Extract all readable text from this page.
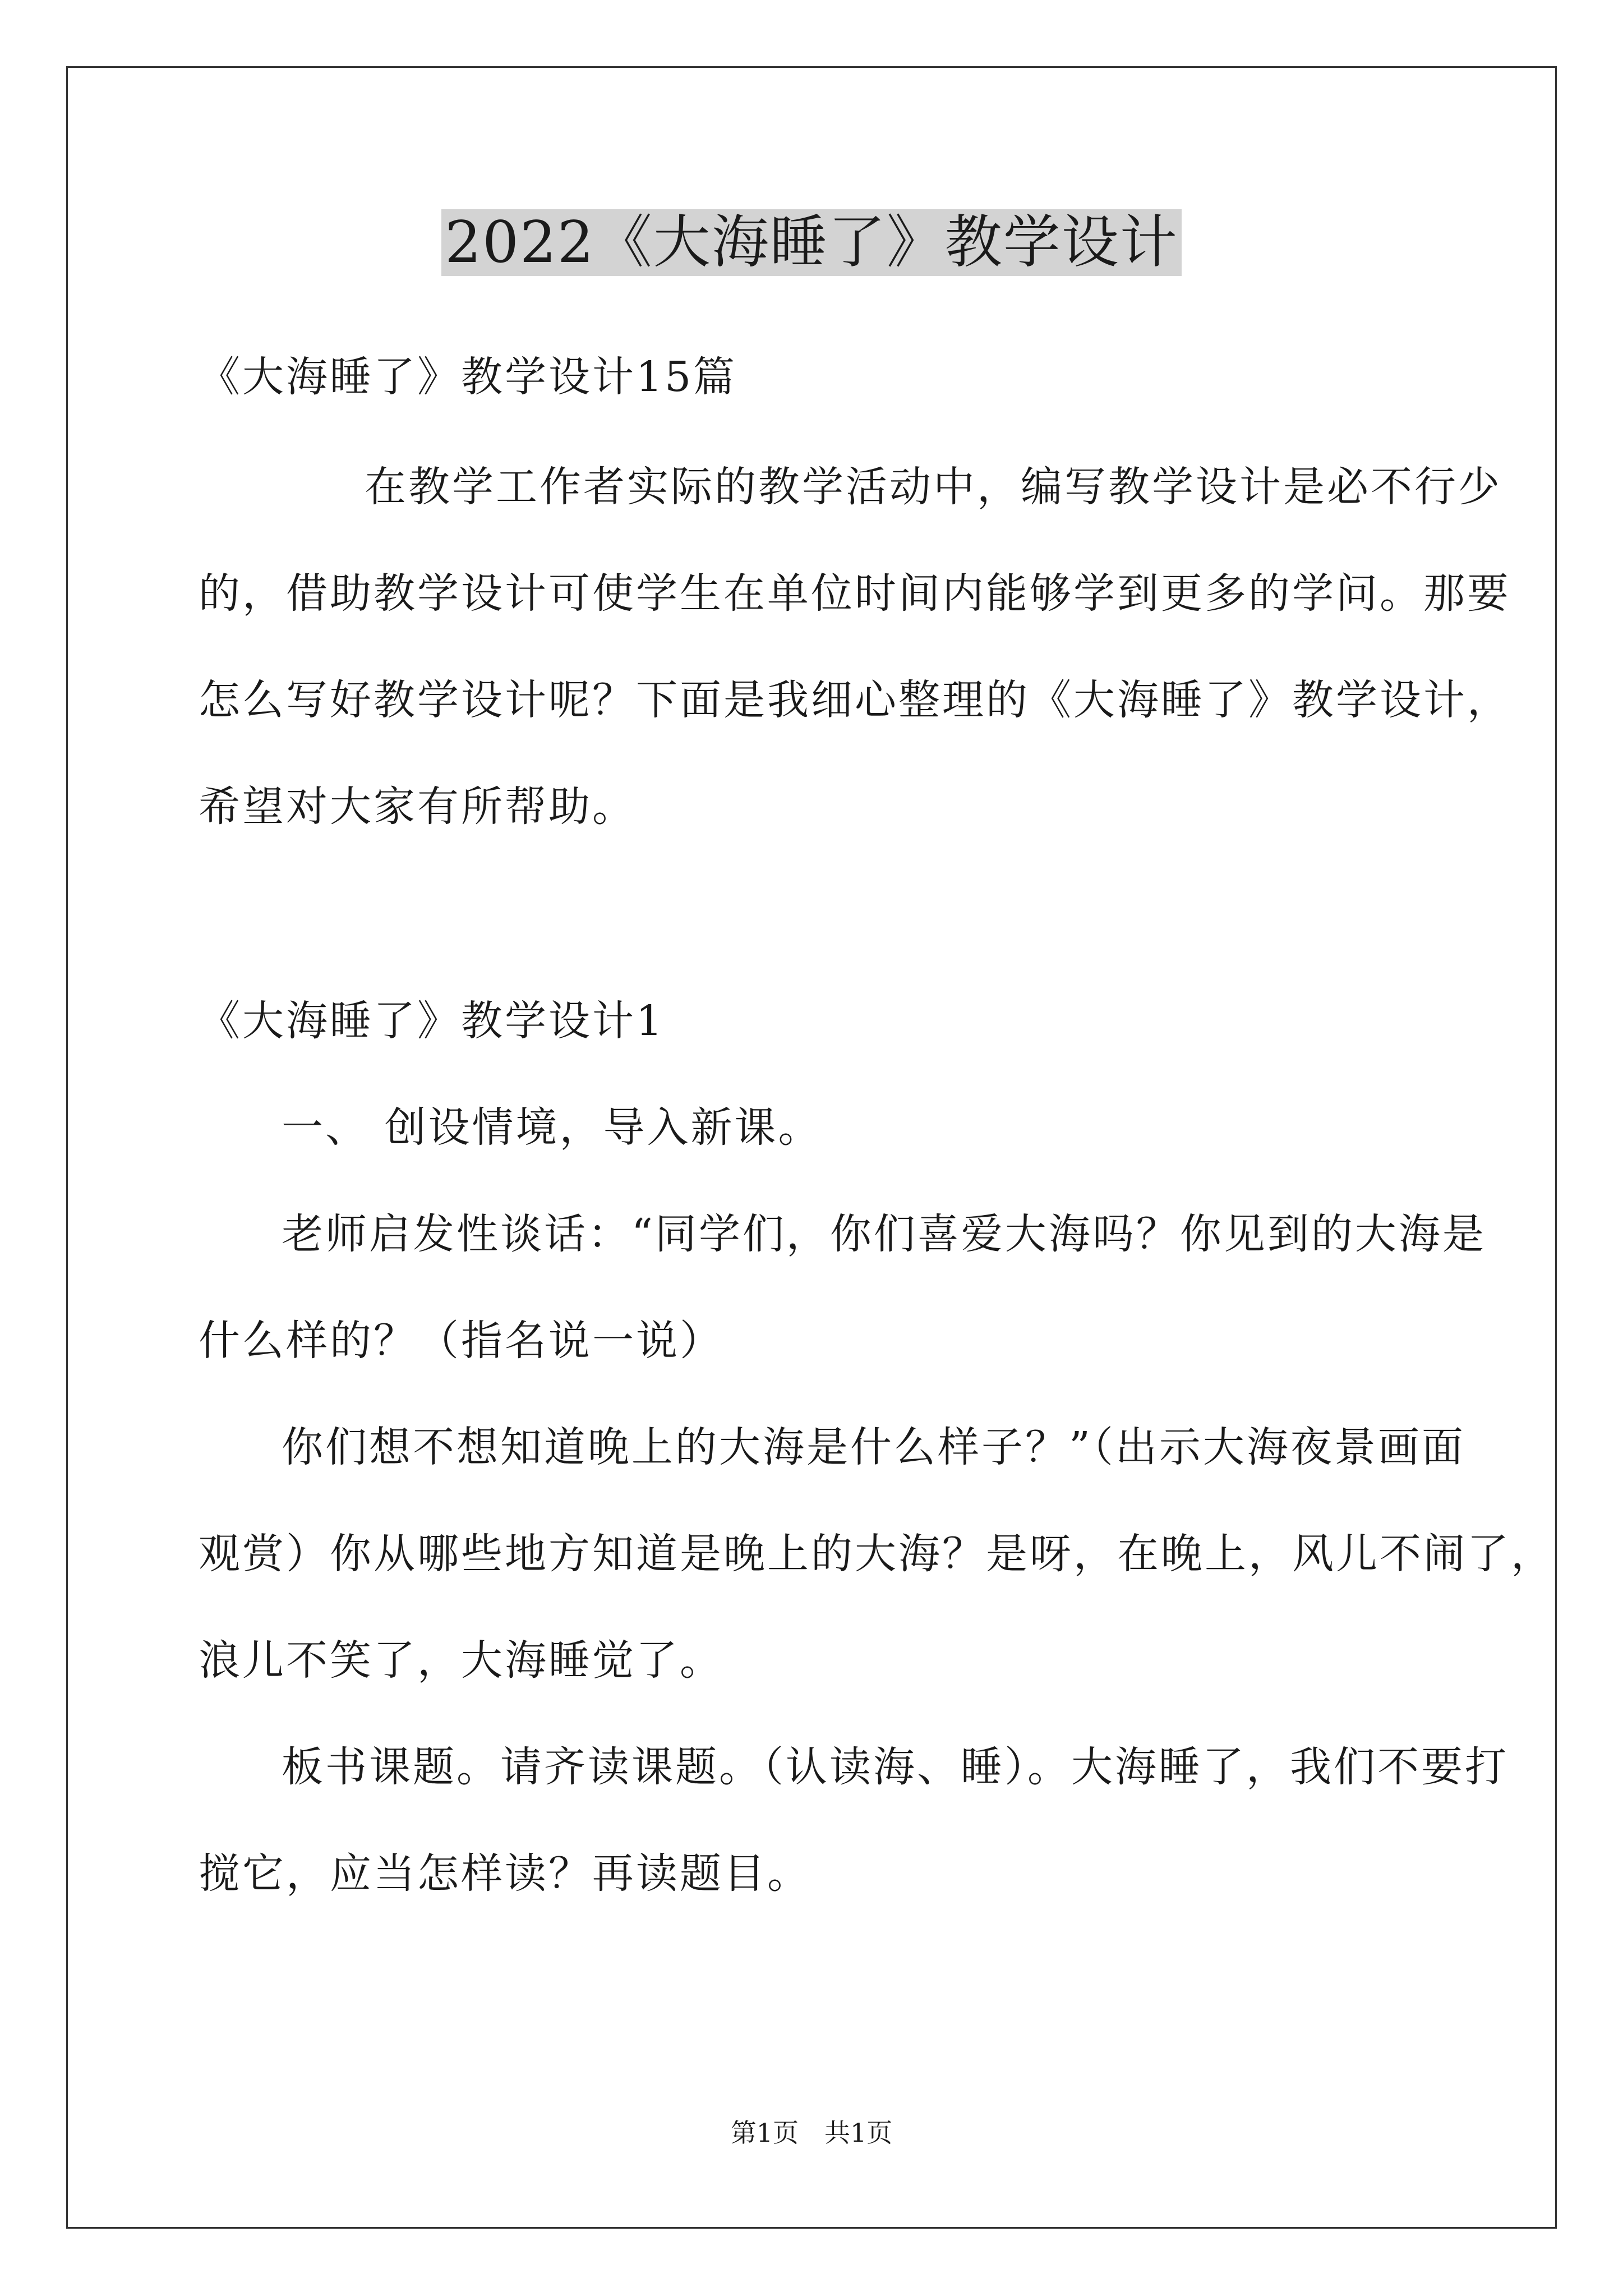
2022《大海睡了》教学设计
《大海睡了》教学设计15篇
在教学工作者实际的教学活动中，编写教学设计是必不行少
的，借助教学设计可使学生在单位时间内能够学到更多的学问。那要
怎么写好教学设计呢？下面是我细心整理的《大海睡了》教学设计，
希望对大家有所帮助。
《大海睡了》教学设计1
一、 创设情境，导入新课。
老师启发性谈话：“同学们，你们喜爱大海吗？你见到的大海是
什么样的？（指名说一说）
你们想不想知道晚上的大海是什么样子？”（出示大海夜景画面
观赏）你从哪些地方知道是晚上的大海？是呀，在晚上，风儿不闹了，
浪儿不笑了，大海睡觉了。
板书课题。请齐读课题。（认读海、睡）。大海睡了，我们不要打
搅它，应当怎样读？再读题目。
第1页 共1页
